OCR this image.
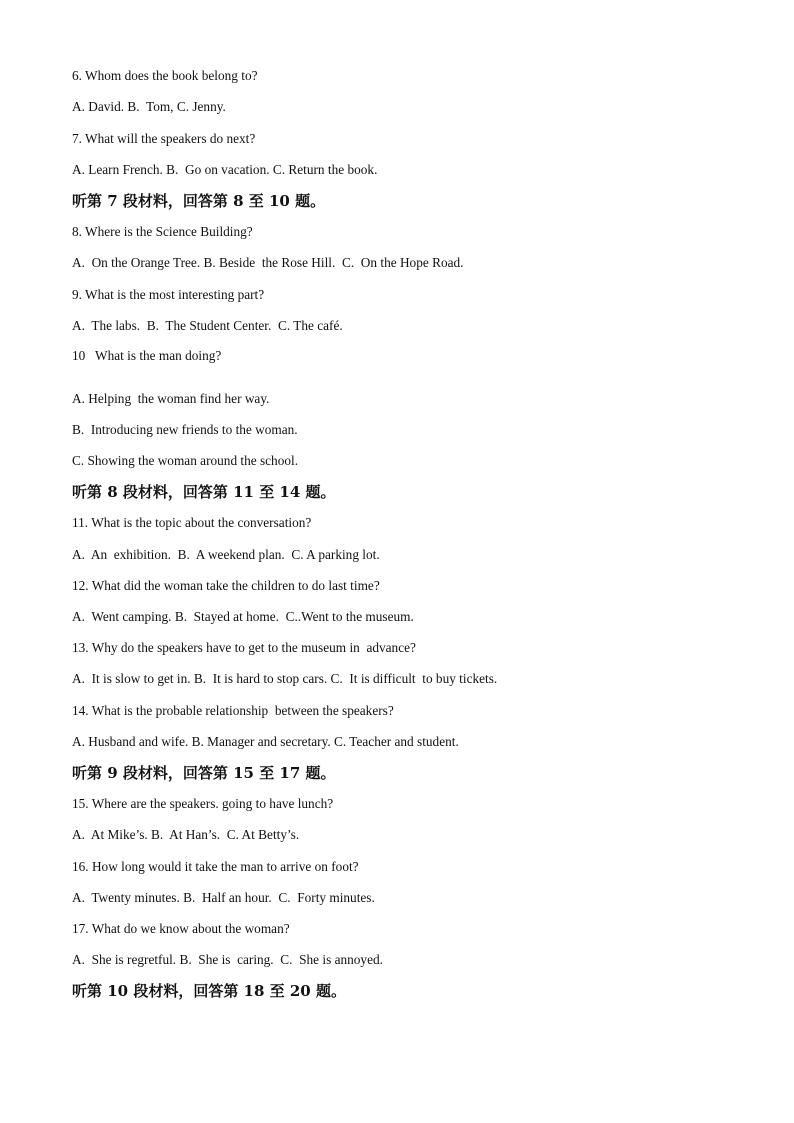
6. Whom does the book belong to?
A. David. B.  Tom, C. Jenny.
7. What will the speakers do next?
A. Learn French. B.  Go on vacation. C. Return the book.
听第 7 段材料，回答第 8 至 10 题。
8. Where is the Science Building?
A.  On the Orange Tree. B. Beside  the Rose Hill.  C.  On the Hope Road.
9. What is the most interesting part?
A.  The labs.  B.  The Student Center.  C. The café.
10   What is the man doing?
A. Helping  the woman find her way.
B.  Introducing new friends to the woman.
C. Showing the woman around the school.
听第 8 段材料，回答第 11 至 14 题。
11. What is the topic about the conversation?
A.  An  exhibition.  B.  A weekend plan.  C. A parking lot.
12. What did the woman take the children to do last time?
A.  Went camping. B.  Stayed at home.  C..Went to the museum.
13. Why do the speakers have to get to the museum in  advance?
A.  It is slow to get in. B.  It is hard to stop cars. C.  It is difficult  to buy tickets.
14. What is the probable relationship  between the speakers?
A. Husband and wife. B. Manager and secretary. C. Teacher and student.
听第 9 段材料，回答第 15 至 17 题。
15. Where are the speakers. going to have lunch?
A.  At Mike’s. B.  At Han’s.  C. At Betty’s.
16. How long would it take the man to arrive on foot?
A.  Twenty minutes. B.  Half an hour.  C.  Forty minutes.
17. What do we know about the woman?
A.  She is regretful. B.  She is  caring.  C.  She is annoyed.
听第 10 段材料，回答第 18 至 20 题。
